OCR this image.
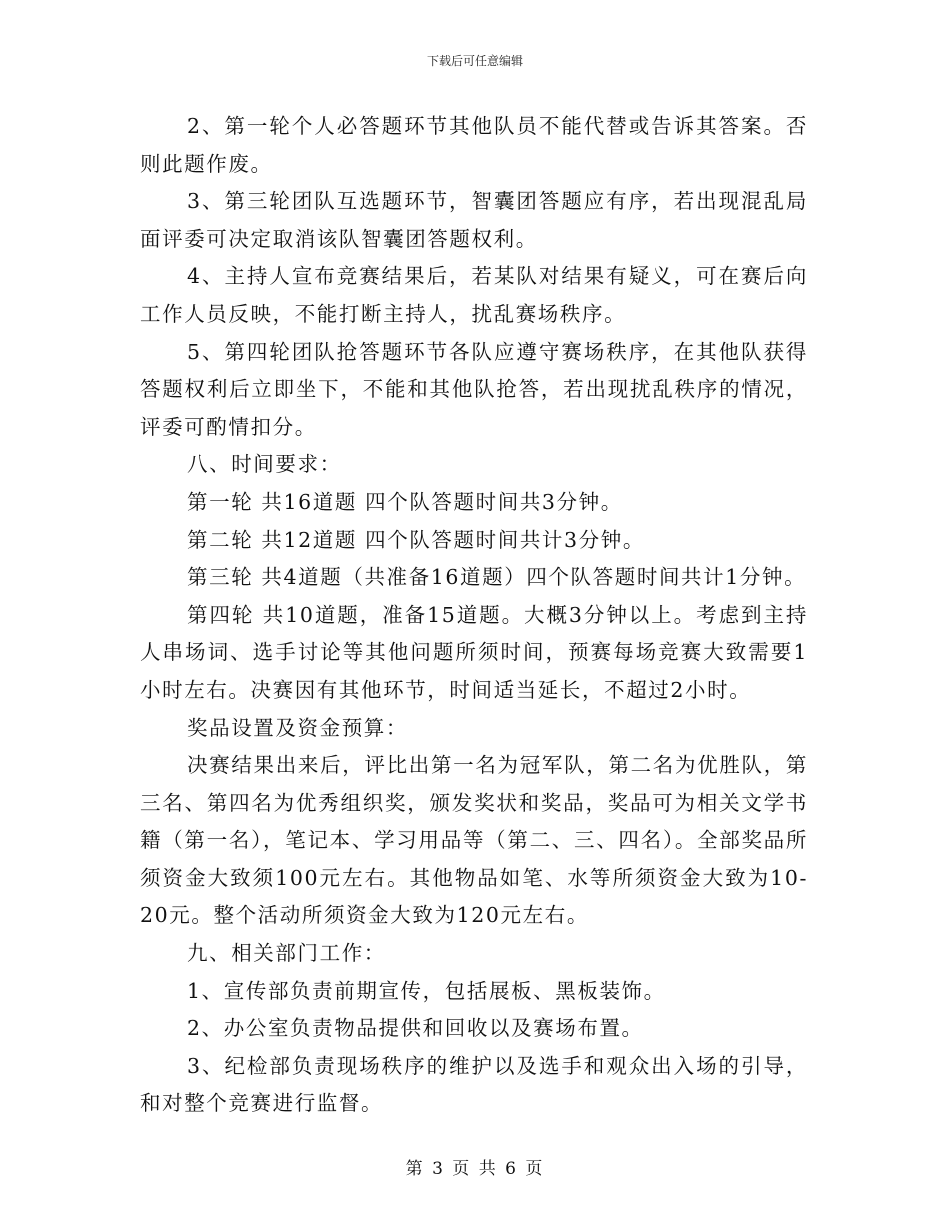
下载后可任意编辑

2、第一轮个人必答题环节其他队员不能代替或告诉其答案。否则此题作废。

3、第三轮团队互选题环节，智囊团答题应有序，若出现混乱局面评委可决定取消该队智囊团答题权利。

4、主持人宣布竞赛结果后，若某队对结果有疑义，可在赛后向工作人员反映，不能打断主持人，扰乱赛场秩序。

5、第四轮团队抢答题环节各队应遵守赛场秩序，在其他队获得答题权利后立即坐下，不能和其他队抢答，若出现扰乱秩序的情况，评委可酌情扣分。

八、时间要求：

第一轮 共16道题 四个队答题时间共3分钟。

第二轮 共12道题 四个队答题时间共计3分钟。

第三轮 共4道题（共准备16道题）四个队答题时间共计1分钟。

第四轮 共10道题，准备15道题。大概3分钟以上。考虑到主持人串场词、选手讨论等其他问题所须时间，预赛每场竞赛大致需要1小时左右。决赛因有其他环节，时间适当延长，不超过2小时。

奖品设置及资金预算：

决赛结果出来后，评比出第一名为冠军队，第二名为优胜队，第三名、第四名为优秀组织奖，颁发奖状和奖品，奖品可为相关文学书籍（第一名），笔记本、学习用品等（第二、三、四名）。全部奖品所须资金大致须100元左右。其他物品如笔、水等所须资金大致为10-20元。整个活动所须资金大致为120元左右。

九、相关部门工作：

1、宣传部负责前期宣传，包括展板、黑板装饰。

2、办公室负责物品提供和回收以及赛场布置。

3、纪检部负责现场秩序的维护以及选手和观众出入场的引导，和对整个竞赛进行监督。

第 3 页 共 6 页
